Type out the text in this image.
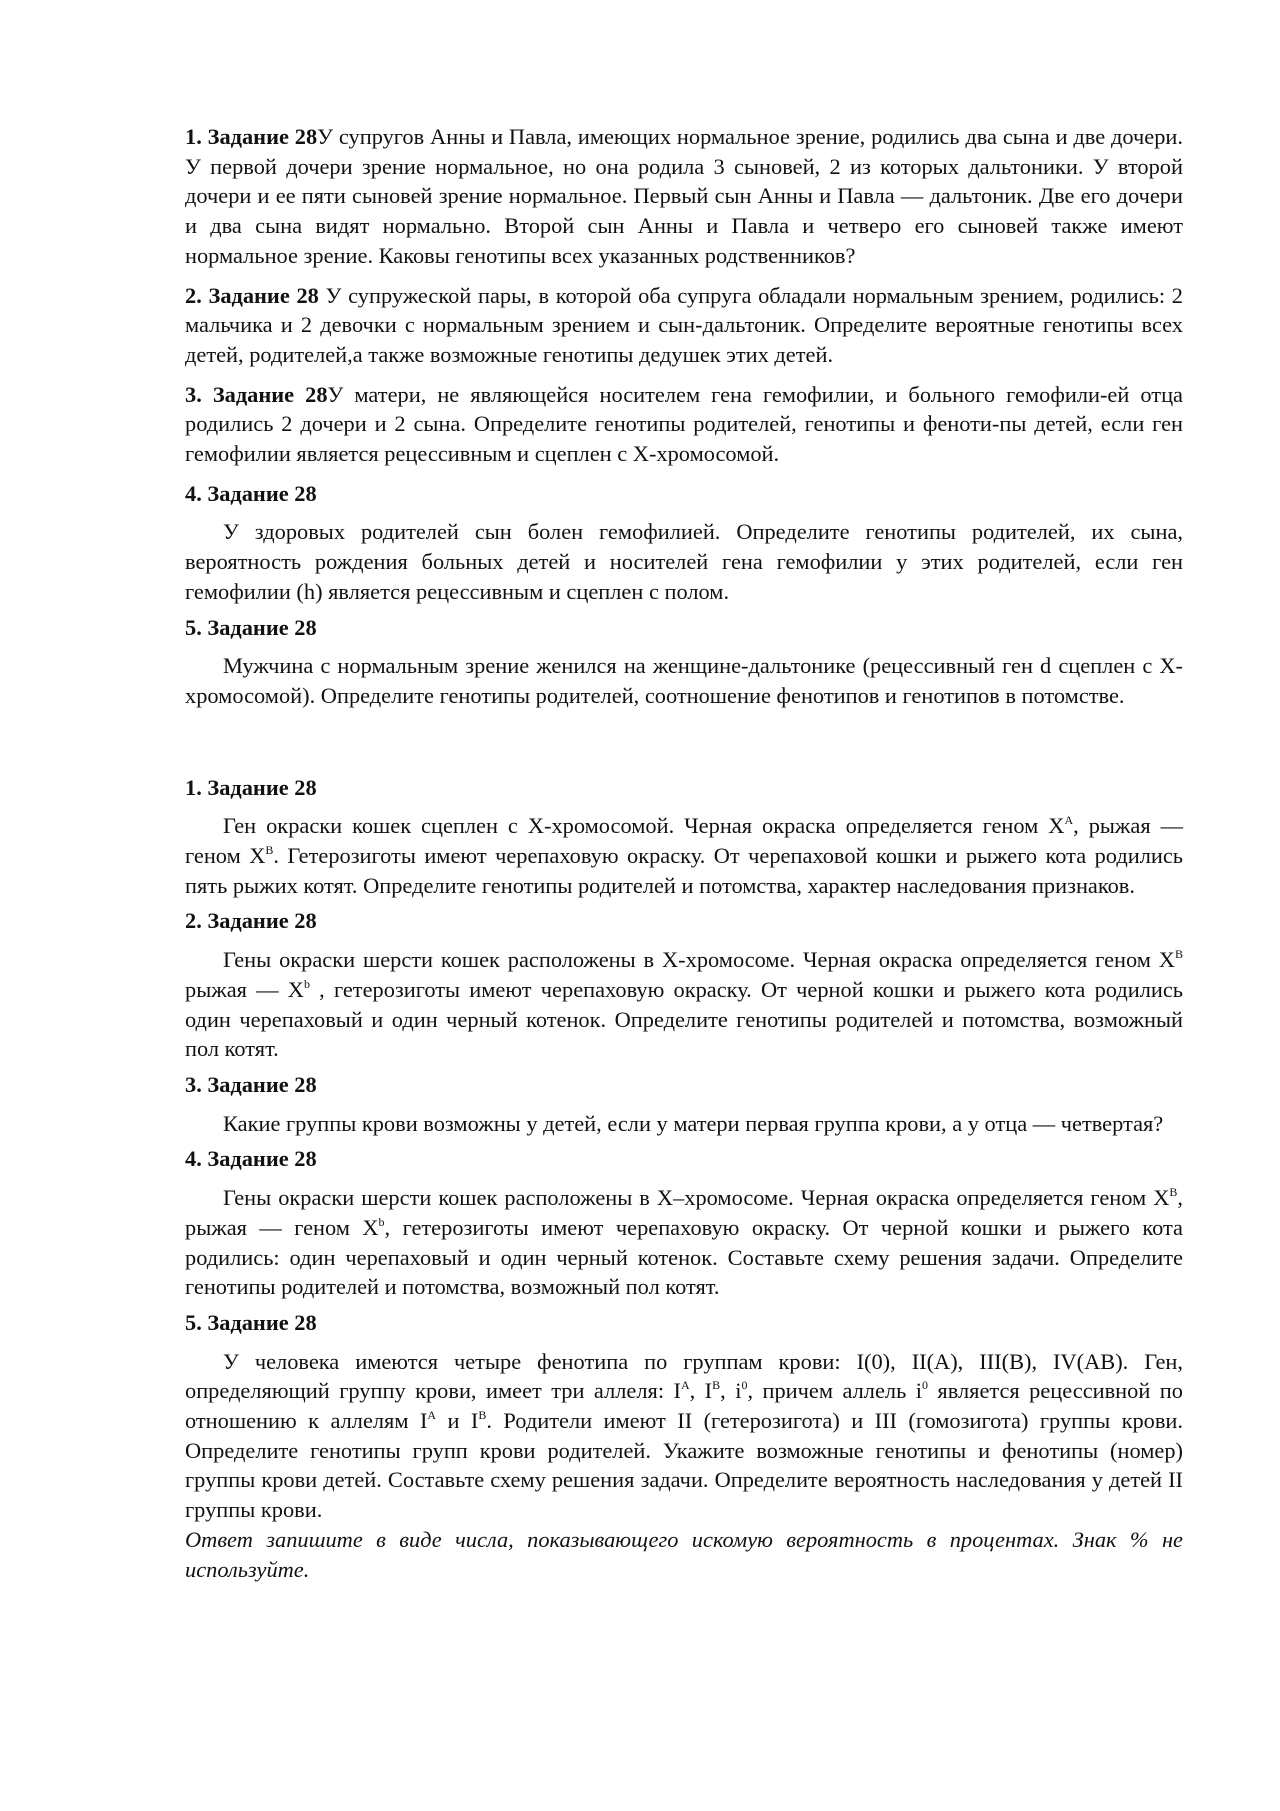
1. Задание 28У супругов Анны и Павла, имеющих нормальное зрение, родились два сына и две дочери. У первой дочери зрение нормальное, но она родила 3 сыновей, 2 из которых дальтоники. У второй дочери и ее пяти сыновей зрение нормальное. Первый сын Анны и Павла — дальтоник. Две его дочери и два сына видят нормально. Второй сын Анны и Павла и четверо его сыновей также имеют нормальное зрение. Каковы генотипы всех указанных родственников?

2. Задание 28 У супружеской пары, в которой оба супруга обладали нормальным зрением, родились: 2 мальчика и 2 девочки с нормальным зрением и сын-дальтоник. Определите вероятные генотипы всех детей, родителей,а также возможные генотипы дедушек этих детей.

3. Задание 28У матери, не являющейся носителем гена гемофилии, и больного гемофили-ей отца родились 2 дочери и 2 сына. Определите генотипы родителей, генотипы и феноти-пы детей, если ген гемофилии является рецессивным и сцеплен с Х-хромосомой.

4. Задание 28

У здоровых родителей сын болен гемофилией. Определите генотипы родителей, их сына, вероятность рождения больных детей и носителей гена гемофилии у этих родителей, если ген гемофилии (h) является рецессивным и сцеплен с полом.

5. Задание 28

Мужчина с нормальным зрение женился на женщине-дальтонике (рецессивный ген d сцеплен с Х-хромосомой). Определите генотипы родителей, соотношение фенотипов и генотипов в потомстве.

1. Задание 28

Ген окраски кошек сцеплен с Х-хромосомой. Черная окраска определяется геном $Х^A$, рыжая — геном $Х^B$. Гетерозиготы имеют черепаховую окраску. От черепаховой кошки и рыжего кота родились пять рыжих котят. Определите генотипы родителей и потомства, характер наследования признаков.

2. Задание 28

Гены окраски шерсти кошек расположены в Х-хромосоме. Черная окраска определяется геном $Х^B$ рыжая — $Х^b$ , гетерозиготы имеют черепаховую окраску. От черной кошки и рыжего кота родились один черепаховый и один черный котенок. Определите генотипы родителей и потомства, возможный пол котят.

3. Задание 28

Какие группы крови возможны у детей, если у матери первая группа крови, а у отца — четвертая?

4. Задание 28

Гены окраски шерсти кошек расположены в Х–хромосоме. Черная окраска определяется геном $Х^B$, рыжая — геном $Х^b$, гетерозиготы имеют черепаховую окраску. От черной кошки и рыжего кота родились: один черепаховый и один черный котенок. Составьте схему решения задачи. Определите генотипы родителей и потомства, возможный пол котят.

5. Задание 28

У человека имеются четыре фенотипа по группам крови: I(0), II(A), III(B), IV(AB). Ген, определяющий группу крови, имеет три аллеля: $I^A$, $I^B$, $i^0$, причем аллель $i^0$ является рецессивной по отношению к аллелям $I^A$ и $I^B$. Родители имеют II (гетерозигота) и III (гомозигота) группы крови. Определите генотипы групп крови родителей. Укажите возможные генотипы и фенотипы (номер) группы крови детей. Составьте схему решения задачи. Определите вероятность наследования у детей II группы крови.

Ответ запишите в виде числа, показывающего искомую вероятность в процентах. Знак % не используйте.
